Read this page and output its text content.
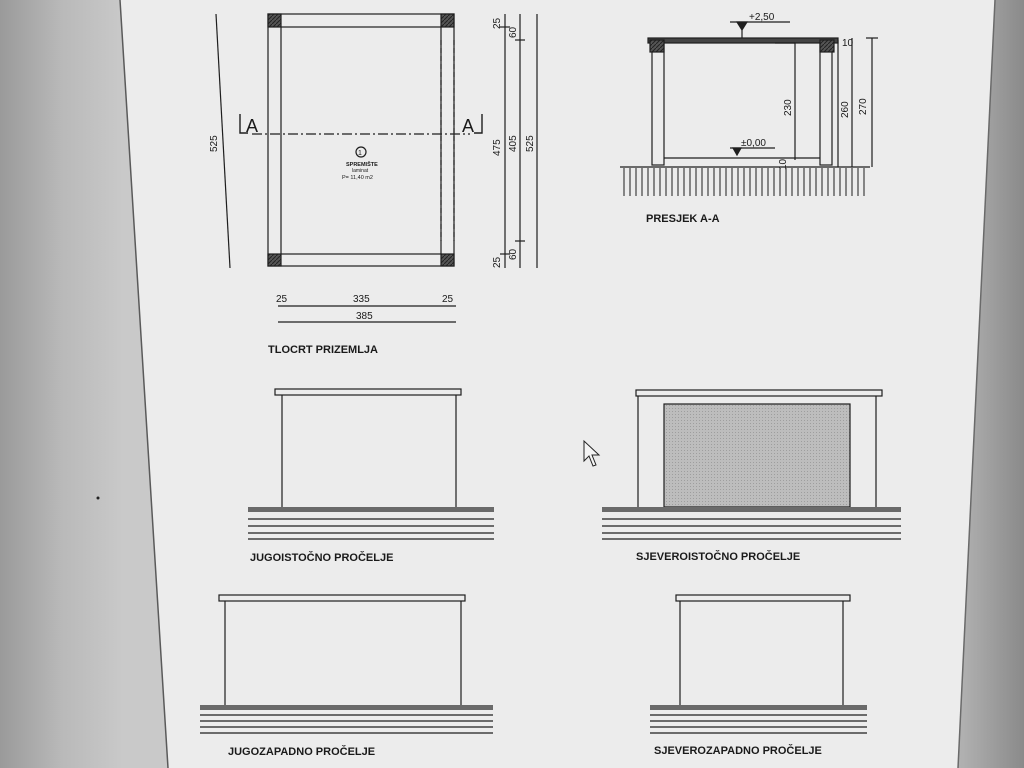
A	A
1
SPREMIŠTE
laminat
P= 11,40 m2
525
25
60
475 405
60
25
525
25	335	25
385
TLOCRT PRIZEMLJA
+2,50
±0,00
10
10
230	260 270
PRESJEK A-A
JUGOISTOČNO PROČELJE	SJEVEROISTOČNO PROČELJE
JUGOZAPADNO PROČELJE	SJEVEROZAPADNO PROČELJE
